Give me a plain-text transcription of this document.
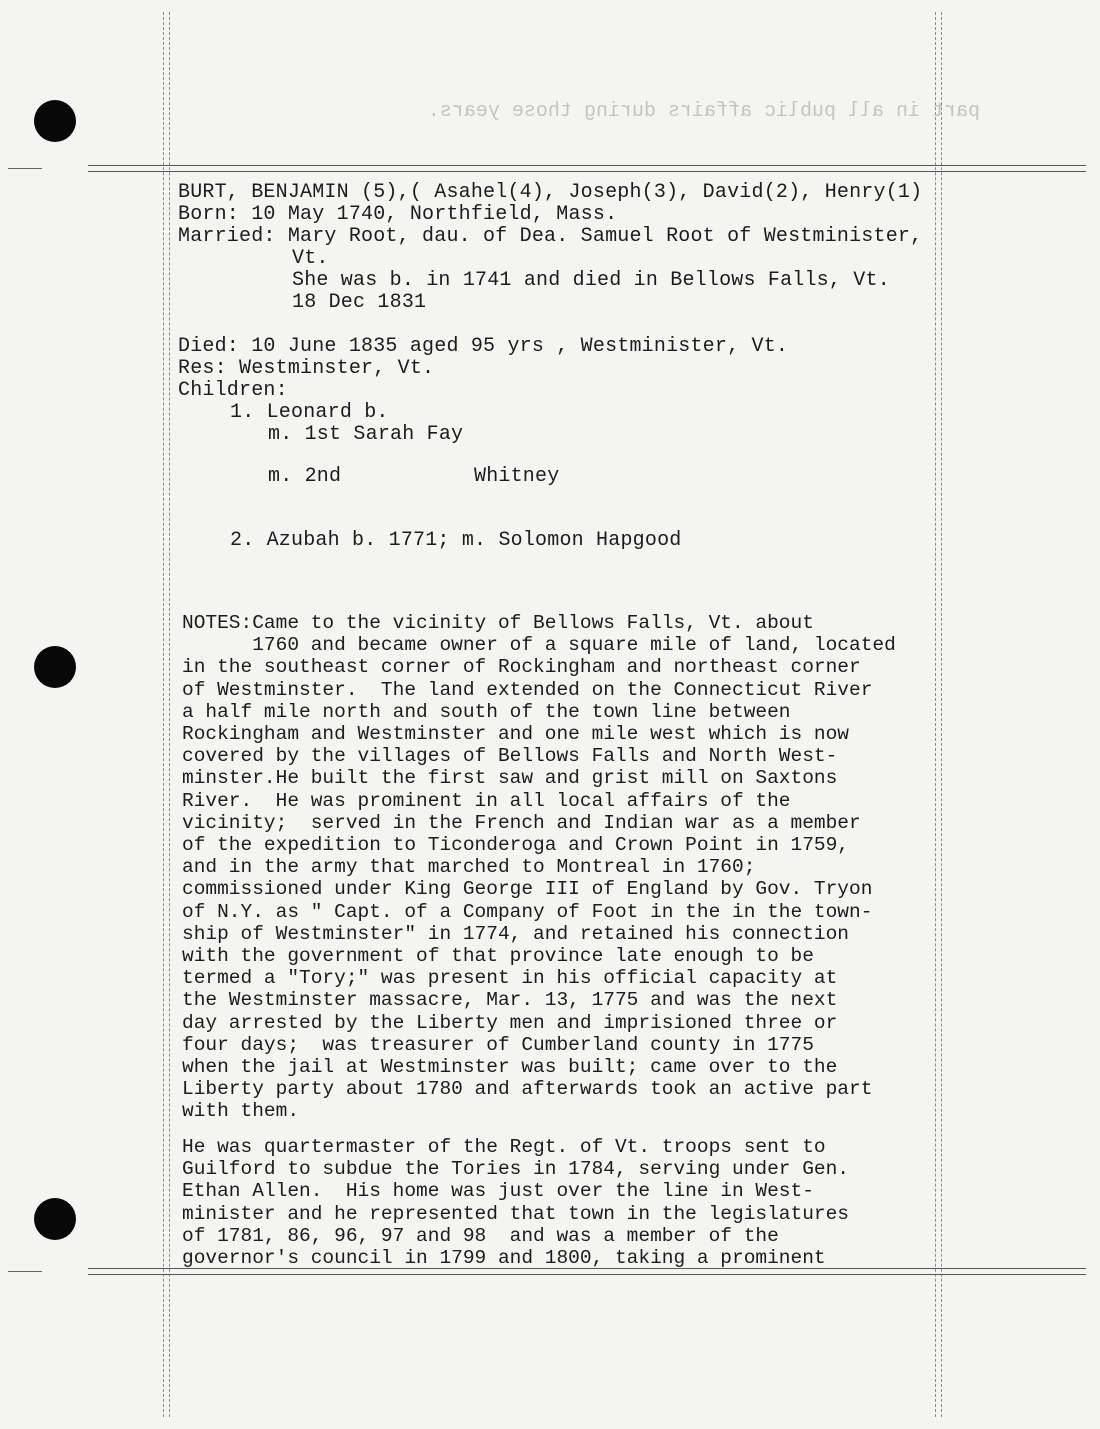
part in all public affairs during those years.
BURT, BENJAMIN (5),( Asahel(4), Joseph(3), David(2), Henry(1)
Born: 10 May 1740, Northfield, Mass.
Married: Mary Root, dau. of Dea. Samuel Root of Westminister,
Vt.
She was b. in 1741 and died in Bellows Falls, Vt.
18 Dec 1831
Died: 10 June 1835 aged 95 yrs , Westminister, Vt.
Res: Westminster, Vt.
Children:
1. Leonard b.
m. 1st Sarah Fay
m. 2nd	Whitney
2. Azubah b. 1771; m. Solomon Hapgood
NOTES:Came to the vicinity of Bellows Falls, Vt. about
1760 and became owner of a square mile of land, located
in the southeast corner of Rockingham and northeast corner
of Westminster.  The land extended on the Connecticut River
a half mile north and south of the town line between
Rockingham and Westminster and one mile west which is now
covered by the villages of Bellows Falls and North West-
minster.He built the first saw and grist mill on Saxtons
River.  He was prominent in all local affairs of the
vicinity;  served in the French and Indian war as a member
of the expedition to Ticonderoga and Crown Point in 1759,
and in the army that marched to Montreal in 1760;
commissioned under King George III of England by Gov. Tryon
of N.Y. as " Capt. of a Company of Foot in the in the town-
ship of Westminster" in 1774, and retained his connection
with the government of that province late enough to be
termed a "Tory;" was present in his official capacity at
the Westminster massacre, Mar. 13, 1775 and was the next
day arrested by the Liberty men and imprisioned three or
four days;  was treasurer of Cumberland county in 1775
when the jail at Westminster was built; came over to the
Liberty party about 1780 and afterwards took an active part
with them.
He was quartermaster of the Regt. of Vt. troops sent to
Guilford to subdue the Tories in 1784, serving under Gen.
Ethan Allen.  His home was just over the line in West-
minister and he represented that town in the legislatures
of 1781, 86, 96, 97 and 98  and was a member of the
governor's council in 1799 and 1800, taking a prominent
